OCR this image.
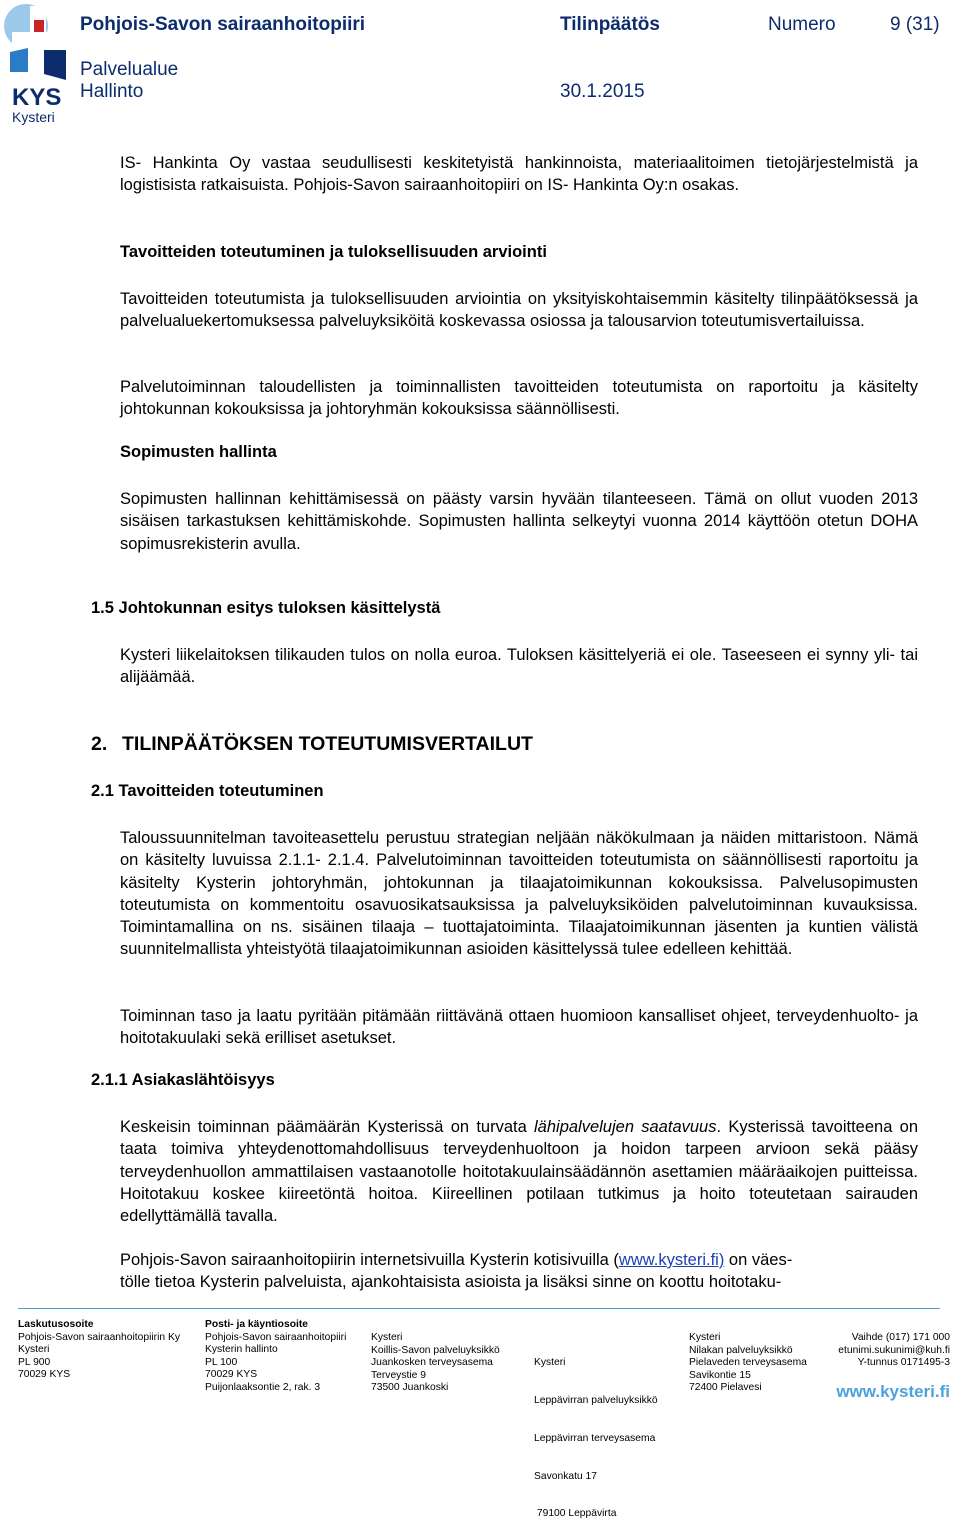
KYS
Kysteri
Pohjois-Savon sairaanhoitopiiri	Tilinpäätös	Numero	9 (31)
Palvelualue
Hallinto	30.1.2015
IS- Hankinta Oy vastaa seudullisesti keskitetyistä hankinnoista, materiaalitoimen tietojärjestelmistä ja logistisista ratkaisuista. Pohjois-Savon sairaanhoitopiiri on IS- Hankinta Oy:n osakas.
Tavoitteiden toteutuminen ja tuloksellisuuden arviointi
Tavoitteiden toteutumista ja tuloksellisuuden arviointia on yksityiskohtaisemmin käsitelty tilinpäätöksessä ja palvelualuekertomuksessa palveluyksiköitä koskevassa osiossa ja talousarvion toteutumisvertailuissa.
Palvelutoiminnan taloudellisten ja toiminnallisten tavoitteiden toteutumista on raportoitu ja käsitelty johtokunnan kokouksissa ja johtoryhmän kokouksissa säännöllisesti.
Sopimusten hallinta
Sopimusten hallinnan kehittämisessä on päästy varsin hyvään tilanteeseen. Tämä on ollut vuoden 2013 sisäisen tarkastuksen kehittämiskohde. Sopimusten hallinta selkeytyi vuonna 2014 käyttöön otetun DOHA sopimusrekisterin avulla.
1.5 Johtokunnan esitys tuloksen käsittelystä
Kysteri liikelaitoksen tilikauden tulos on nolla euroa. Tuloksen käsittelyeriä ei ole. Taseeseen ei synny yli- tai alijäämää.
2. TILINPÄÄTÖKSEN TOTEUTUMISVERTAILUT
2.1 Tavoitteiden toteutuminen
Taloussuunnitelman tavoiteasettelu perustuu strategian neljään näkökulmaan ja näiden mittaristoon. Nämä on käsitelty luvuissa 2.1.1- 2.1.4. Palvelutoiminnan tavoitteiden toteutumista on säännöllisesti raportoitu ja käsitelty Kysterin johtoryhmän, johtokunnan ja tilaajatoimikunnan kokouksissa. Palvelusopimusten toteutumista on kommentoitu osavuosikatsauksissa ja palveluyksiköiden palvelutoiminnan kuvauksissa. Toimintamallina on ns. sisäinen tilaaja – tuottajatoiminta. Tilaajatoimikunnan jäsenten ja kuntien välistä suunnitelmallista yhteistyötä tilaajatoimikunnan asioiden käsittelyssä tulee edelleen kehittää.
Toiminnan taso ja laatu pyritään pitämään riittävänä ottaen huomioon kansalliset ohjeet, terveydenhuolto- ja hoitotakuulaki sekä erilliset asetukset.
2.1.1 Asiakaslähtöisyys
Keskeisin toiminnan päämäärän Kysterissä on turvata lähipalvelujen saatavuus. Kysterissä tavoitteena on taata toimiva yhteydenottomahdollisuus terveydenhuoltoon ja hoidon tarpeen arvioon sekä pääsy terveydenhuollon ammattilaisen vastaanotolle hoitotakuulainsäädännön asettamien määräaikojen puitteissa. Hoitotakuu koskee kiireetöntä hoitoa. Kiireellinen potilaan tutkimus ja hoito toteutetaan sairauden edellyttämällä tavalla.
Pohjois-Savon sairaanhoitopiirin internetsivuilla Kysterin kotisivuilla (www.kysteri.fi) on väes-
tölle tietoa Kysterin palveluista, ajankohtaisista asioista ja lisäksi sinne on koottu hoitotaku-
Laskutusosoite
Pohjois-Savon sairaanhoitopiirin Ky
Kysteri
PL 900
70029 KYS
Posti- ja käyntiosoite
Pohjois-Savon sairaanhoitopiiri
Kysterin hallinto
PL 100
70029 KYS
Puijonlaaksontie 2, rak. 3
Kysteri
Koillis-Savon palveluyksikkö
Juankosken terveysasema
Terveystie 9
73500 Juankoski

Kysteri

Leppävirran palveluyksikkö

Leppävirran terveysasema

Savonkatu 17

79100 Leppävirta

Kysteri
Nilakan palveluyksikkö
Pielaveden terveysasema
Savikontie 15
72400 Pielavesi
Vaihde (017) 171 000
etunimi.sukunimi@kuh.fi
Y-tunnus 0171495-3
www.kysteri.fi
